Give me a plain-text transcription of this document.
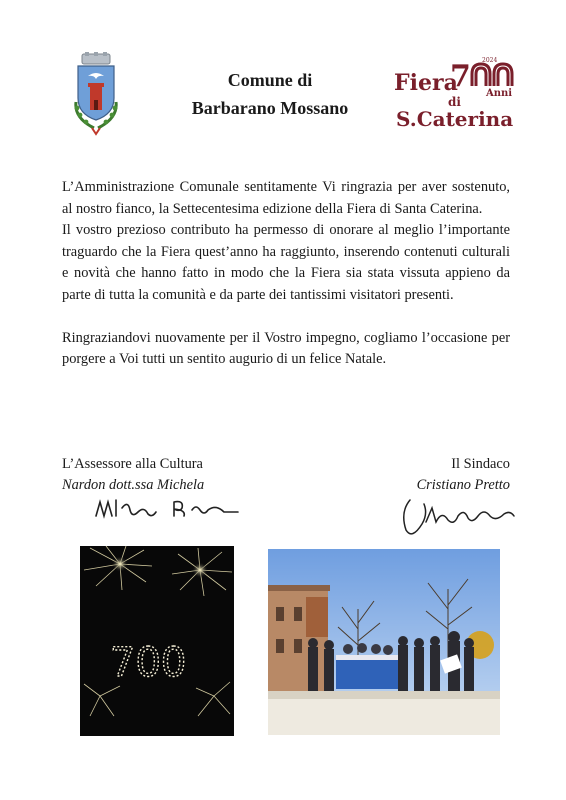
Comune di
Barbarano Mossano
Fiera
7 2024
Anni
di
S.Caterina

L’Amministrazione Comunale sentitamente Vi ringrazia per aver sostenuto, al nostro fianco, la Settecentesima edizione della Fiera di Santa Caterina.

Il vostro prezioso contributo ha permesso di onorare al meglio l’importante traguardo che la Fiera quest’anno ha raggiunto, inserendo contenuti culturali e novità che hanno fatto in modo che la Fiera sia stata vissuta appieno da parte di tutta la comunità e da parte dei tantissimi visitatori presenti.

Ringraziandovi nuovamente per il Vostro impegno, cogliamo l’occasione per porgere a Voi tutti un sentito augurio di un felice Natale.

L’Assessore alla Cultura
Nardon dott.ssa Michela
Il Sindaco
Cristiano Pretto
700
